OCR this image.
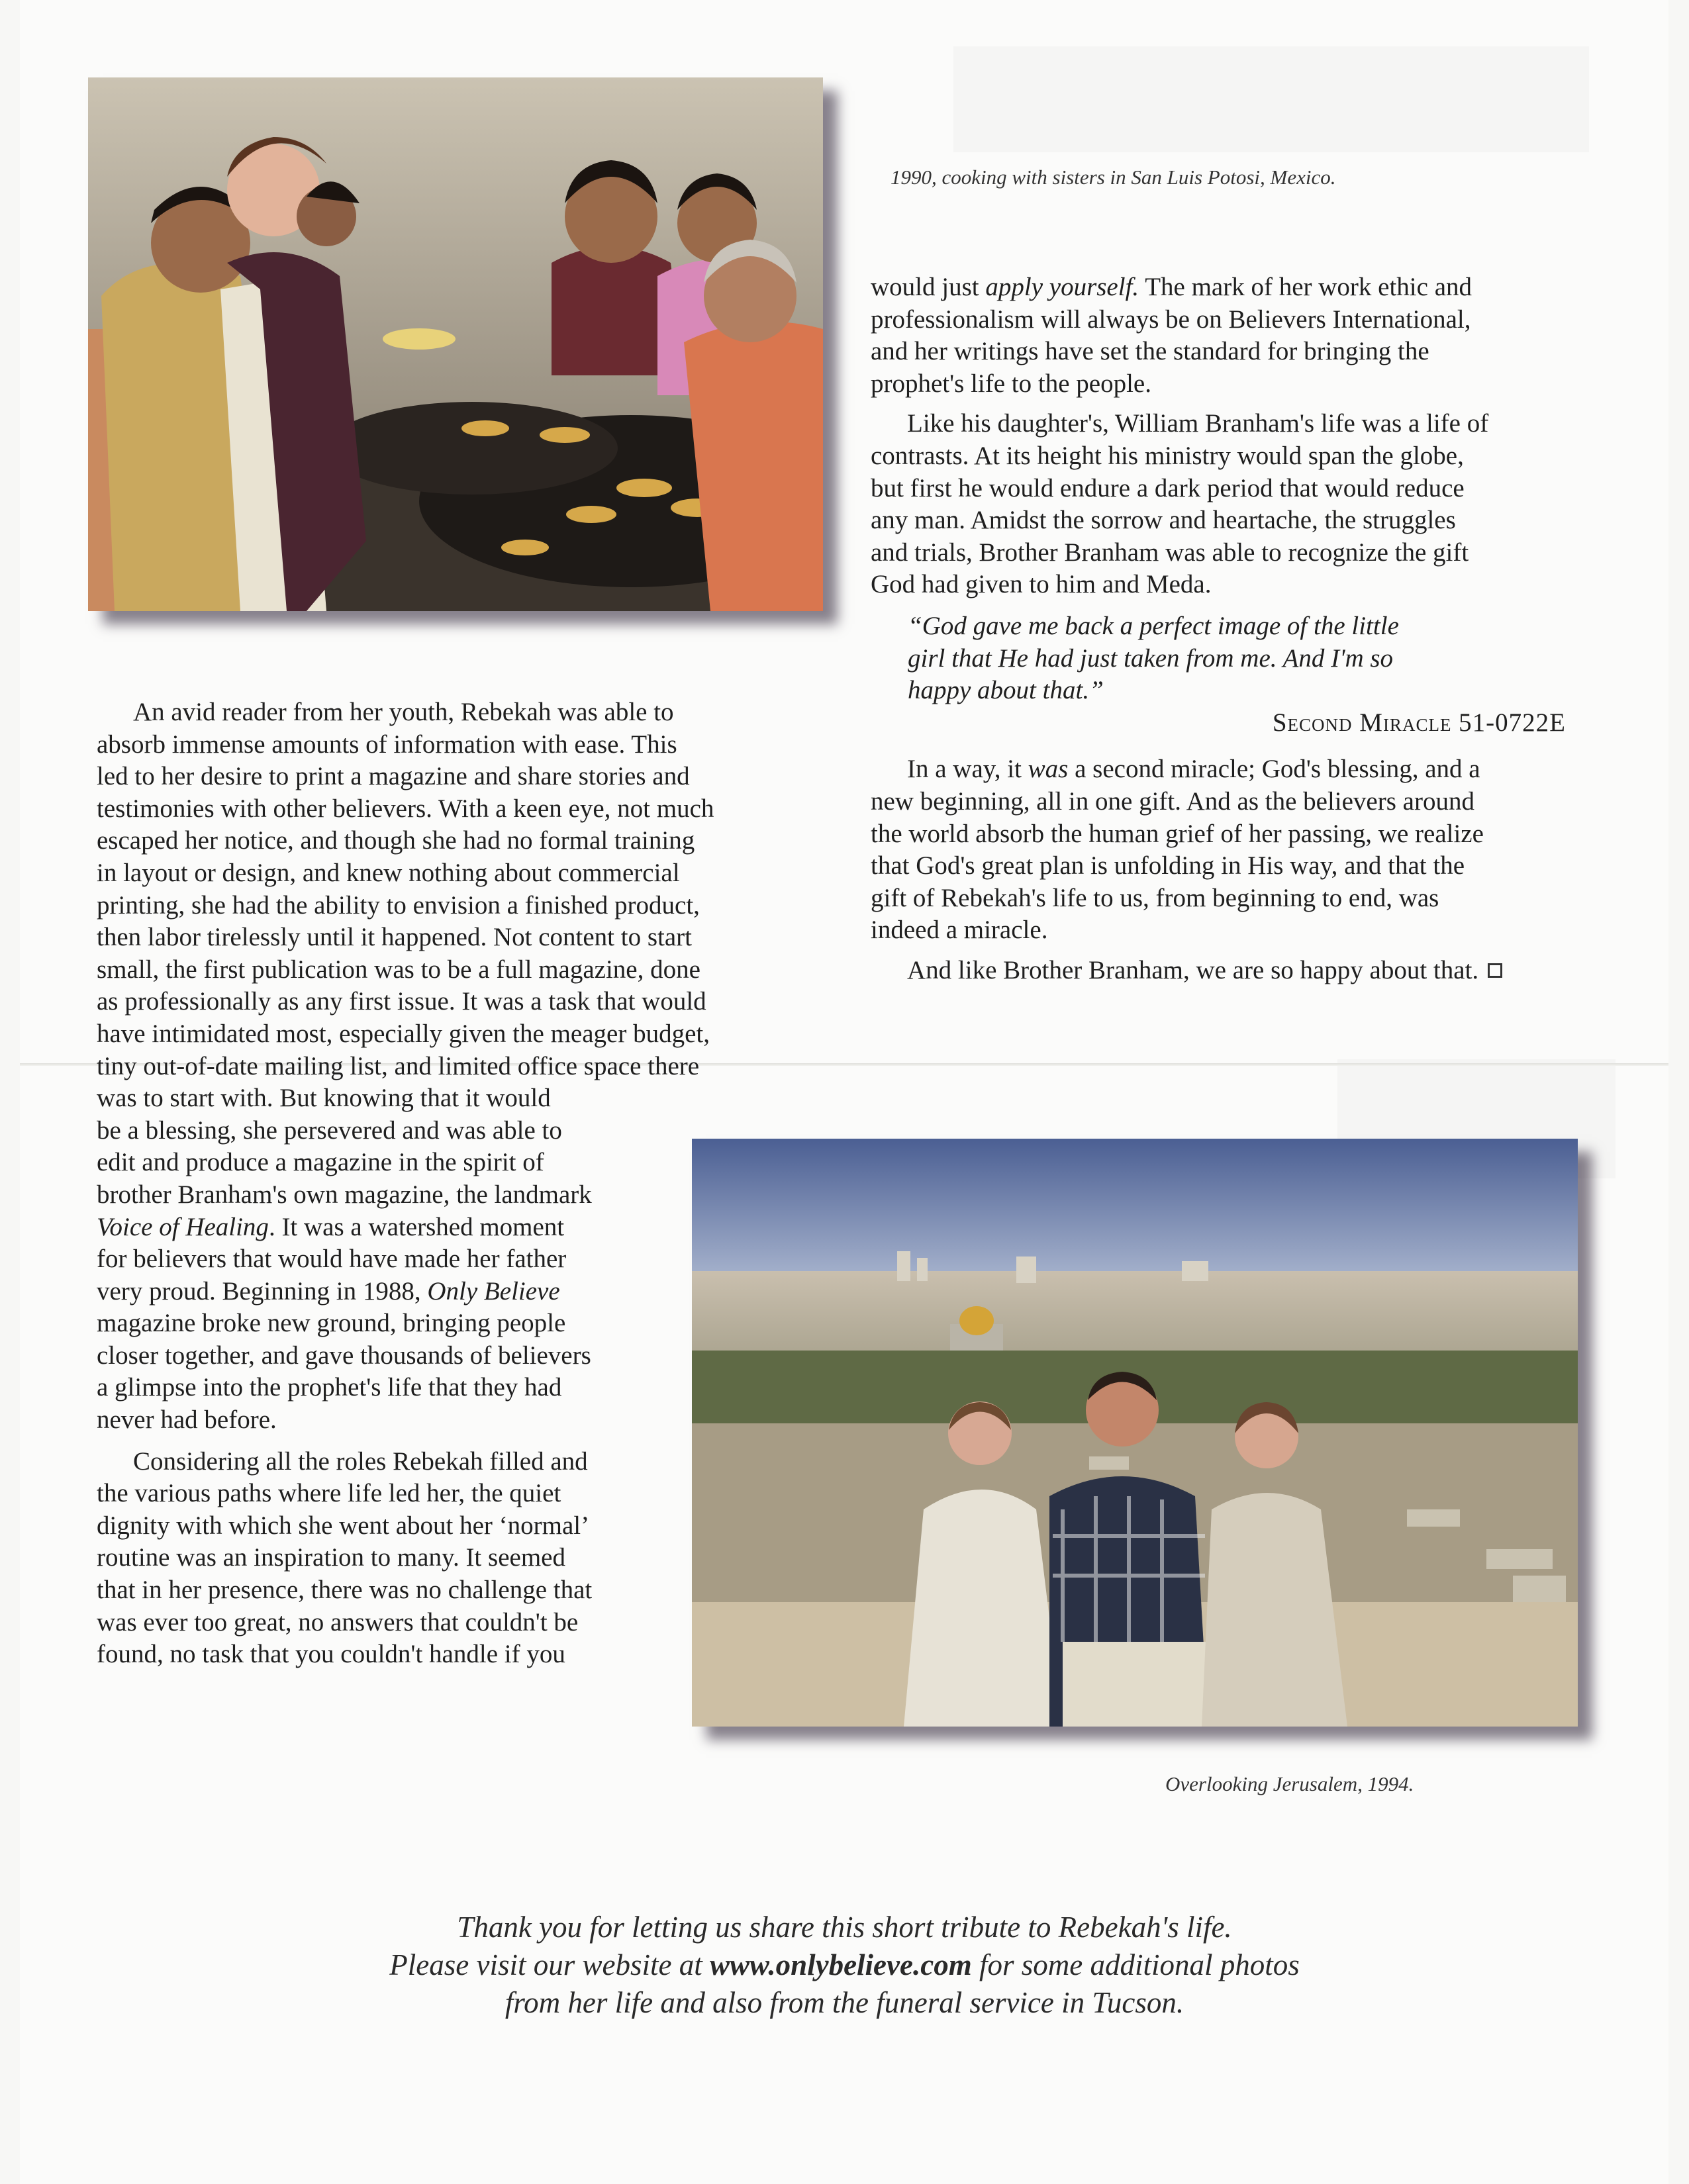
1990, cooking with sisters in San Luis Potosi, Mexico.

would just apply yourself. The mark of her work ethic and
professionalism will always be on Believers International,
and her writings have set the standard for bringing the
prophet's life to the people.

Like his daughter's, William Branham's life was a life of
contrasts. At its height his ministry would span the globe,
but first he would endure a dark period that would reduce
any man. Amidst the sorrow and heartache, the struggles
and trials, Brother Branham was able to recognize the gift
God had given to him and Meda.

“God gave me back a perfect image of the little
girl that He had just taken from me. And I'm so
happy about that.”
Second Miracle 51-0722E

In a way, it was a second miracle; God's blessing, and a
new beginning, all in one gift. And as the believers around
the world absorb the human grief of her passing, we realize
that God's great plan is unfolding in His way, and that the
gift of Rebekah's life to us, from beginning to end, was
indeed a miracle.

And like Brother Branham, we are so happy about that.

An avid reader from her youth, Rebekah was able to
absorb immense amounts of information with ease. This
led to her desire to print a magazine and share stories and
testimonies with other believers. With a keen eye, not much
escaped her notice, and though she had no formal training
in layout or design, and knew nothing about commercial
printing, she had the ability to envision a finished product,
then labor tirelessly until it happened. Not content to start
small, the first publication was to be a full magazine, done
as professionally as any first issue. It was a task that would
have intimidated most, especially given the meager budget,
tiny out-of-date mailing list, and limited office space there
was to start with. But knowing that it would
be a blessing, she persevered and was able to
edit and produce a magazine in the spirit of
brother Branham's own magazine, the landmark
Voice of Healing. It was a watershed moment
for believers that would have made her father
very proud. Beginning in 1988, Only Believe
magazine broke new ground, bringing people
closer together, and gave thousands of believers
a glimpse into the prophet's life that they had
never had before.

Considering all the roles Rebekah filled and
the various paths where life led her, the quiet
dignity with which she went about her ‘normal’
routine was an inspiration to many. It seemed
that in her presence, there was no challenge that
was ever too great, no answers that couldn't be
found, no task that you couldn't handle if you

Overlooking Jerusalem, 1994.
Thank you for letting us share this short tribute to Rebekah's life.
Please visit our website at www.onlybelieve.com for some additional photos
from her life and also from the funeral service in Tucson.
